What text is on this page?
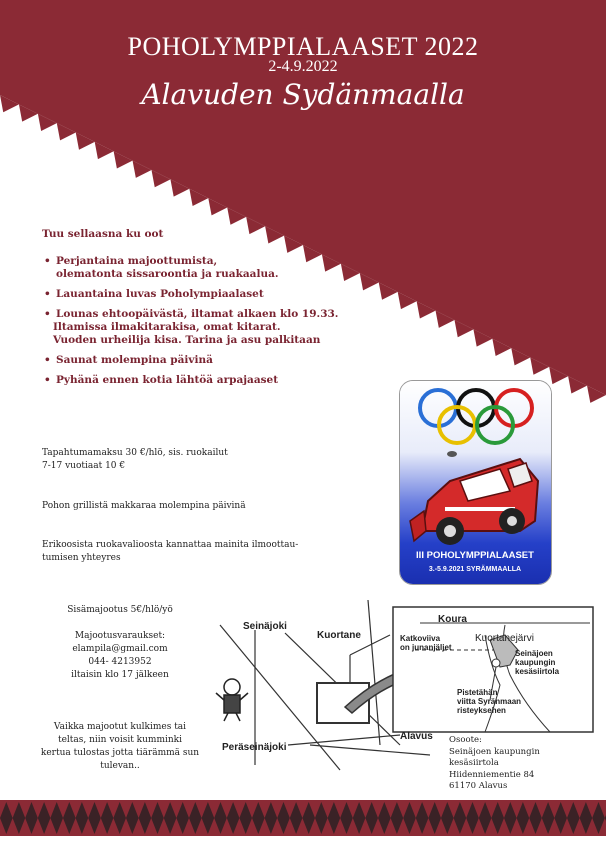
POHOLYMPPIALAASET 2022
2-4.9.2022
Alavuden Sydänmaalla
Tuu sellaasna ku oot
• Perjantaina majoottumista,
olematonta sissaroontia ja ruakaalua.
• Lauantaina luvas Poholympiaalaset
• Lounas ehtoopäivästä, iltamat alkaen klo 19.33.
Iltamissa ilmakitarakisa, omat kitarat.
Vuoden urheilija kisa. Tarina ja asu palkitaan
• Saunat molempina päivinä
• Pyhänä ennen kotia lähtöä arpajaaset
Tapahtumamaksu 30 €/hlö, sis. ruokailut
7-17 vuotiaat 10 €
Pohon grillistä makkaraa molempina päivinä
Erikoosista ruokavalioosta kannattaa mainita ilmoottau-
tumisen yhteyres
Sisämajootus 5€/hlö/yö
Majootusvaraukset:
elampila@gmail.com
044- 4213952
iltaisin klo 17 jälkeen
Vaikka majootut kulkimes tai
teltas, niin voisit kumminki
kertua tulostas jotta tiärämmä sun
tulevan..
III POHOLYMPPIALAASET
3.-5.9.2021 SYRÄMMAALLA
Seinäjoki
Kuortane
Koura
Kuortanejärvi
Katkoviiva
on junanjäljet
Seinäjoen
kaupungin
kesäsiirtola
Pistetähän
viitta Syränmaan
risteyksehen
Peräseinäjoki
Alavus Osoote:
Seinäjoen kaupungin
kesäsiirtola
Hiidenniementie 84
61170 Alavus
